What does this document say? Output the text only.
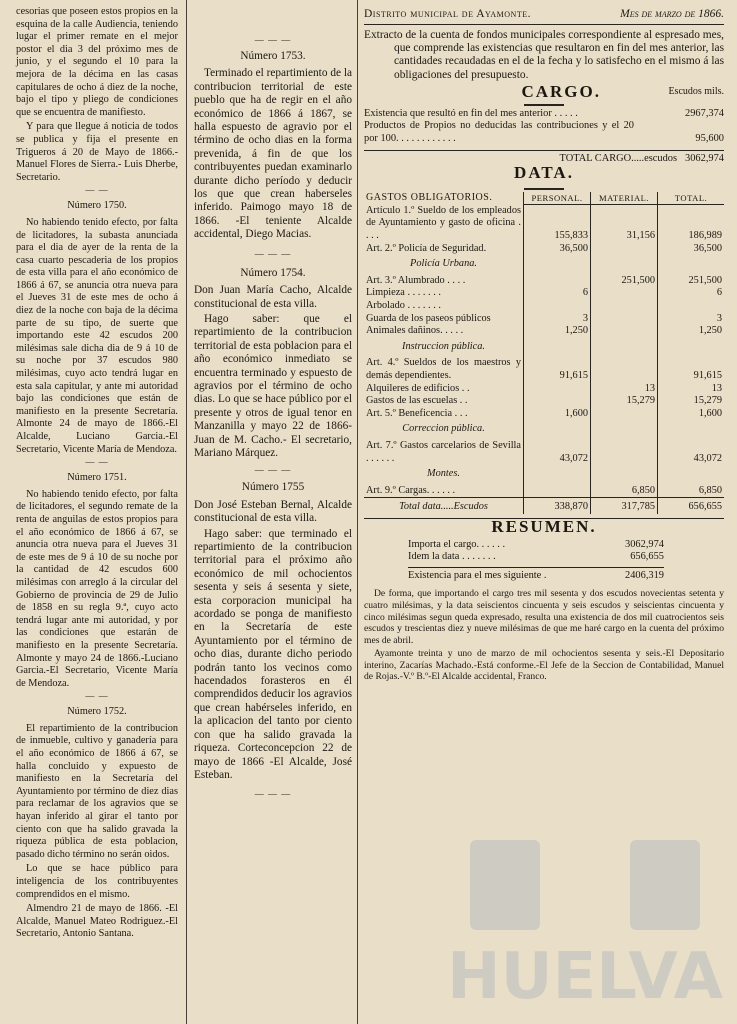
cesorias que poseen estos propios en la esquina de la calle Audiencia, teniendo lugar el primer remate en el mejor postor el dia 3 del próximo mes de junio, y el segundo el 10 para la mejora de la décima en las casas capitulares de ocho á diez de la noche, bajo el tipo y pliego de condiciones que se encuentra de manifiesto.

Y para que llegue á noticia de todos se publica y fija el presente en Trigueros á 20 de Mayo de 1866.-Manuel Flores de Sierra.- Luis Dherbe, Secretario.

— —

Número 1750.

No habiendo tenido efecto, por falta de licitadores, la subasta anunciada para el dia de ayer de la renta de la casa cuarto pescaderia de los propios de esta villa para el año económico de 1866 á 67, se anuncia otra nueva para el Jueves 31 de este mes de ocho á diez de la noche con baja de la décima parte de su tipo, de suerte que importando este 42 escudos 200 milésimas sale dicha dia de 9 á 10 de su noche por 37 escudos 980 milésimas, cuyo acto tendrá lugar en esta sala capitular, y ante mi autoridad bajo las condiciones que están de manifiesto en la presente Secretaría. Almonte 24 de mayo de 1866.-El Alcalde, Luciano Garcia.-El Secretario, Vicente María de Mendoza.

— —

Número 1751.

No habiendo tenido efecto, por falta de licitadores, el segundo remate de la renta de anguilas de estos propios para el año económico de 1866 á 67, se anuncia otra nueva para el Jueves 31 de este mes de 9 á 10 de su noche por la cantidad de 42 escudos 600 milésimas con arreglo á la circular del Gobierno de provincia de 29 de Julio de 1858 en su regla 9.ª, cuyo acto tendrá lugar ante mi autoridad, y por las condiciones que estarán de manifiesto en la presente Secretaría. Almonte y mayo 24 de 1866.-Luciano Garcia.-El Secretario, Vicente María de Mendoza.

— —

Número 1752.

El repartimiento de la contribucion de inmueble, cultivo y ganadería para el año económico de 1866 á 67, se halla concluido y expuesto de manifiesto en la Secretaría del Ayuntamiento por término de diez dias para reclamar de los agravios que se hayan inferido al girar el tanto por ciento con que ha salido gravada la riqueza pública de esta poblacion, pasado dicho término no serán oidos.

Lo que se hace público para inteligencia de los contribuyentes comprendidos en el mismo.

Almendro 21 de mayo de 1866. -El Alcalde, Manuel Mateo Rodriguez.-El Secretario, Antonio Santana.

— — —

Número 1753.

Terminado el repartimiento de la contribucion territorial de este pueblo que ha de regir en el año económico de 1866 á 1867, se halla espuesto de agravio por el término de ocho dias en la forma prevenida, á fin de que los contribuyentes puedan examinarlo durante dicho período y deducir los que que crean haberseles inferido. Paimogo mayo 18 de 1866. -El teniente Alcalde accidental, Diego Macias.

— — —

Número 1754.

Don Juan María Cacho, Alcalde constitucional de esta villa.

Hago saber: que el repartimiento de la contribucion territorial de esta poblacion para el año económico inmediato se encuentra terminado y espuesto de agravios por el término de ocho dias. Lo que se hace público por el presente y otros de igual tenor en Manzanilla y mayo 22 de 1866-Juan de M. Cacho.- El secretario, Mariano Márquez.

— — —

Número 1755

Don José Esteban Bernal, Alcalde constitucional de esta villa.

Hago saber: que terminado el repartimiento de la contribucion territorial para el próximo año económico de mil ochocientos sesenta y seis á sesenta y siete, esta corporacion municipal ha acordado se ponga de manifiesto en la Secretaría de este Ayuntamiento por el término de ocho dias, durante dicho periodo podrán tanto los vecinos como hacendados forasteros en él comprendidos deducir los agravios que crean habérseles inferido, en la aplicacion del tanto por ciento con que ha salido gravada la riqueza. Corteconcepcion 22 de mayo de 1866 -El Alcalde, José Esteban.

— — —
Distrito municipal de Ayamonte.	Mes de marzo de 1866.

Extracto de la cuenta de fondos municipales correspondiente al espresado mes, que comprende las existencias que resultaron en fin del mes anterior, las cantidades recaudadas en el de la fecha y lo satisfecho en el mismo á las obligaciones del presupuesto.

CARGO.	Escudos mils.
Existencia que resultó en fin del mes anterior . . . . .	2967,374
Productos de Propios no deducidas las contribuciones y el 20 por 100. . . . . . . . . . . .	95,600
TOTAL CARGO.....escudos 3062,974
DATA.
GASTOS OBLIGATORIOS.	PERSONAL.	MATERIAL.	TOTAL.
Artículo 1.º Sueldo de los empleados de Ayuntamiento y gasto de oficina . . . .	155,833	31,156	186,989
Art. 2.º Policía de Seguridad.	36,500		36,500
Policía Urbana.			
Art. 3.º Alumbrado . . . .		251,500	251,500
Limpieza . . . . . . .	6		6
Arbolado . . . . . . .			
Guarda de los paseos públicos	3		3
Animales dañinos. . . . .	1,250		1,250
Instruccion pública.			
Art. 4.º Sueldos de los maestros y demás dependientes.	91,615		91,615
Alquileres de edificios . .		13	13
Gastos de las escuelas . .		15,279	15,279
Art. 5.º Beneficencia . . .	1,600		1,600
Correccion pública.			
Art. 7.º Gastos carcelarios de Sevilla . . . . . .	43,072		43,072
Montes.			
Art. 9.º Cargas. . . . . .		6,850	6,850
Total data.....Escudos	338,870	317,785	656,655
RESUMEN.
Importa el cargo. . . . . .	3062,974
Idem la data . . . . . . .	656,655
Existencia para el mes siguiente .	2406,319

De forma, que importando el cargo tres mil sesenta y dos escudos novecientas setenta y cuatro milésimas, y la data seiscientos cincuenta y seis escudos y seiscientas cincuenta y cinco milésimas segun queda expresado, resulta una existencia de dos mil cuatrocientos seis escudos y trescientas diez y nueve milésimas de que me haré cargo en la cuenta del próximo mes de abril.

Ayamonte treinta y uno de marzo de mil ochocientos sesenta y seis.-El Depositario interino, Zacarías Machado.-Está conforme.-El Jefe de la Seccion de Contabilidad, Manuel de Rojas.-V.º B.º-El Alcalde accidental, Franco.

HUELVA
